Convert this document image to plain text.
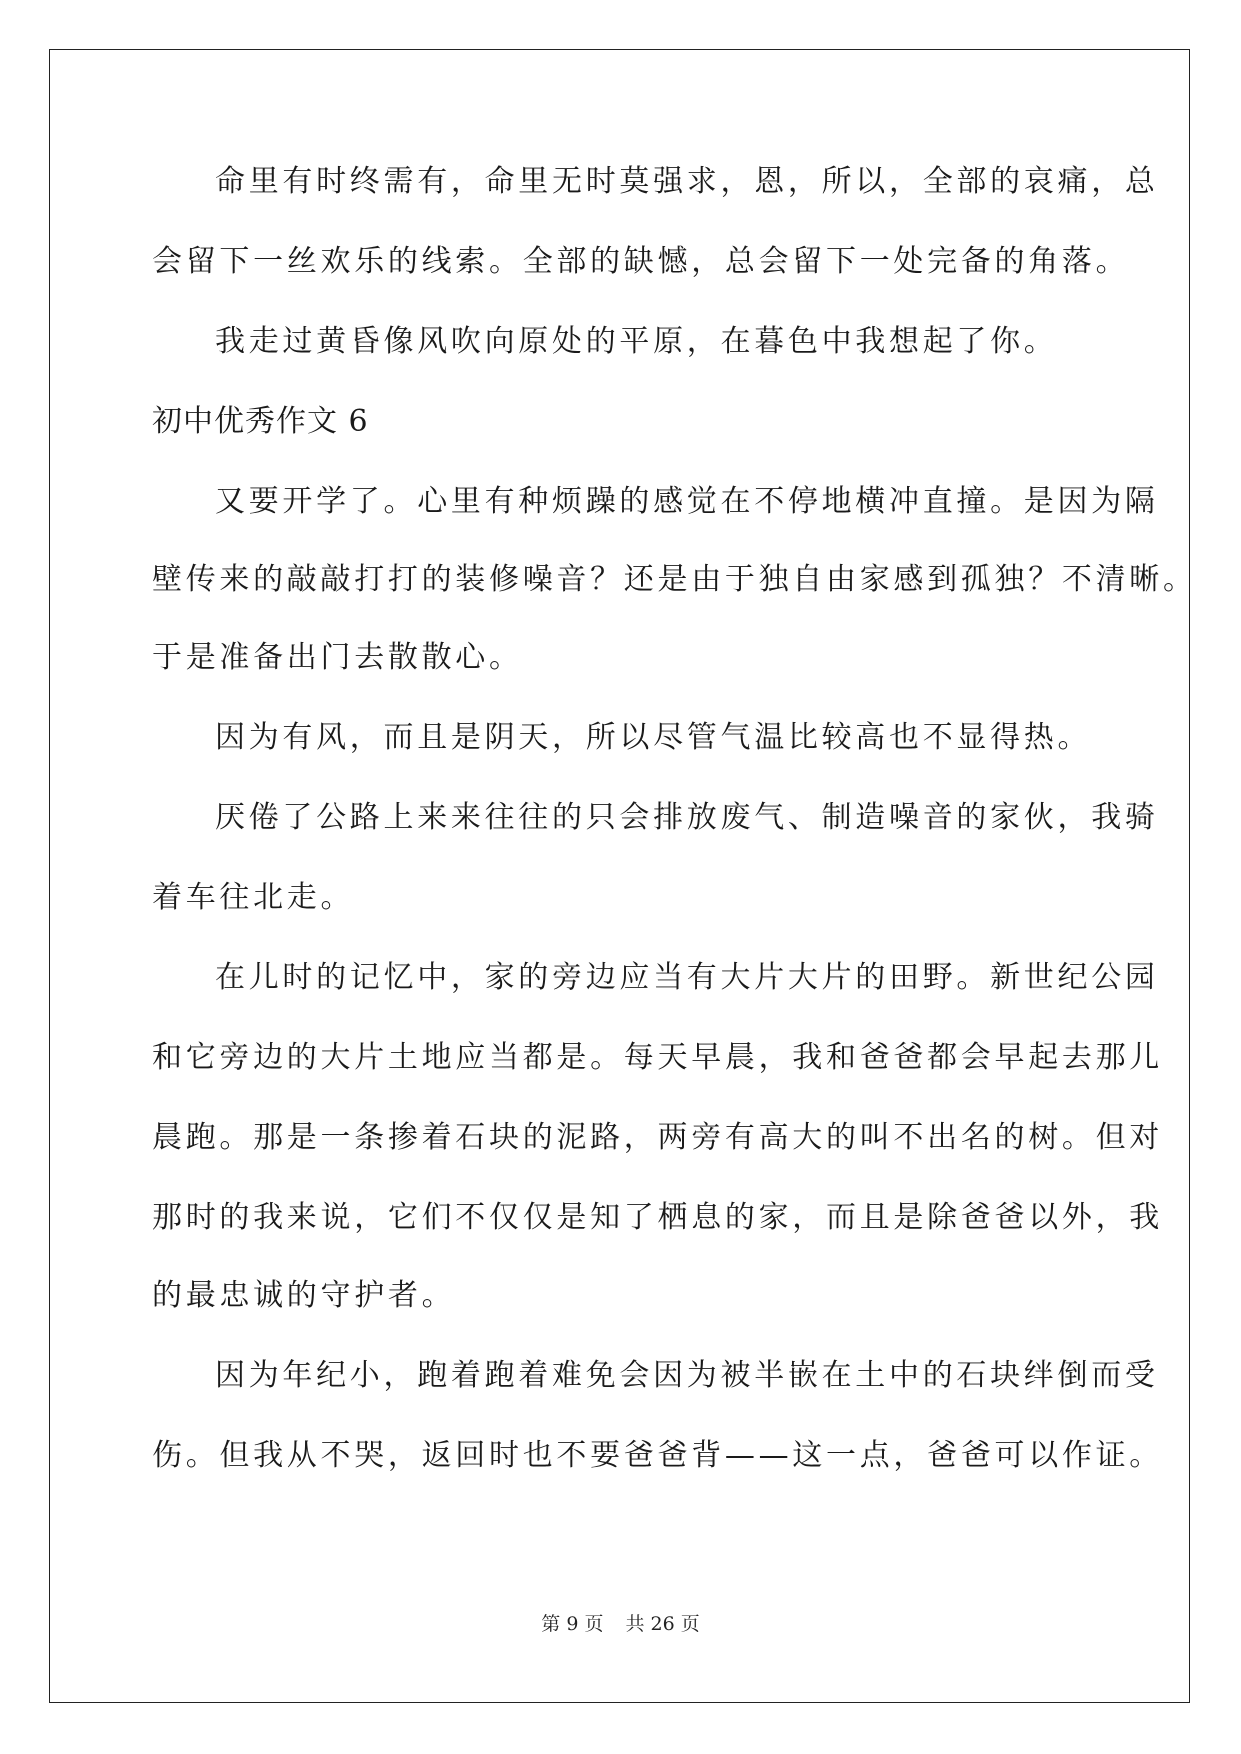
命里有时终需有，命里无时莫强求，恩，所以，全部的哀痛，总
会留下一丝欢乐的线索。全部的缺憾，总会留下一处完备的角落。
我走过黄昏像风吹向原处的平原，在暮色中我想起了你。
初中优秀作文 6
又要开学了。心里有种烦躁的感觉在不停地横冲直撞。是因为隔
壁传来的敲敲打打的装修噪音？还是由于独自由家感到孤独？不清晰。
于是准备出门去散散心。
因为有风，而且是阴天，所以尽管气温比较高也不显得热。
厌倦了公路上来来往往的只会排放废气、制造噪音的家伙，我骑
着车往北走。
在儿时的记忆中，家的旁边应当有大片大片的田野。新世纪公园
和它旁边的大片土地应当都是。每天早晨，我和爸爸都会早起去那儿
晨跑。那是一条掺着石块的泥路，两旁有高大的叫不出名的树。但对
那时的我来说，它们不仅仅是知了栖息的家，而且是除爸爸以外，我
的最忠诚的守护者。
因为年纪小，跑着跑着难免会因为被半嵌在土中的石块绊倒而受
伤。但我从不哭，返回时也不要爸爸背——这一点，爸爸可以作证。
第 9 页 共 26 页
